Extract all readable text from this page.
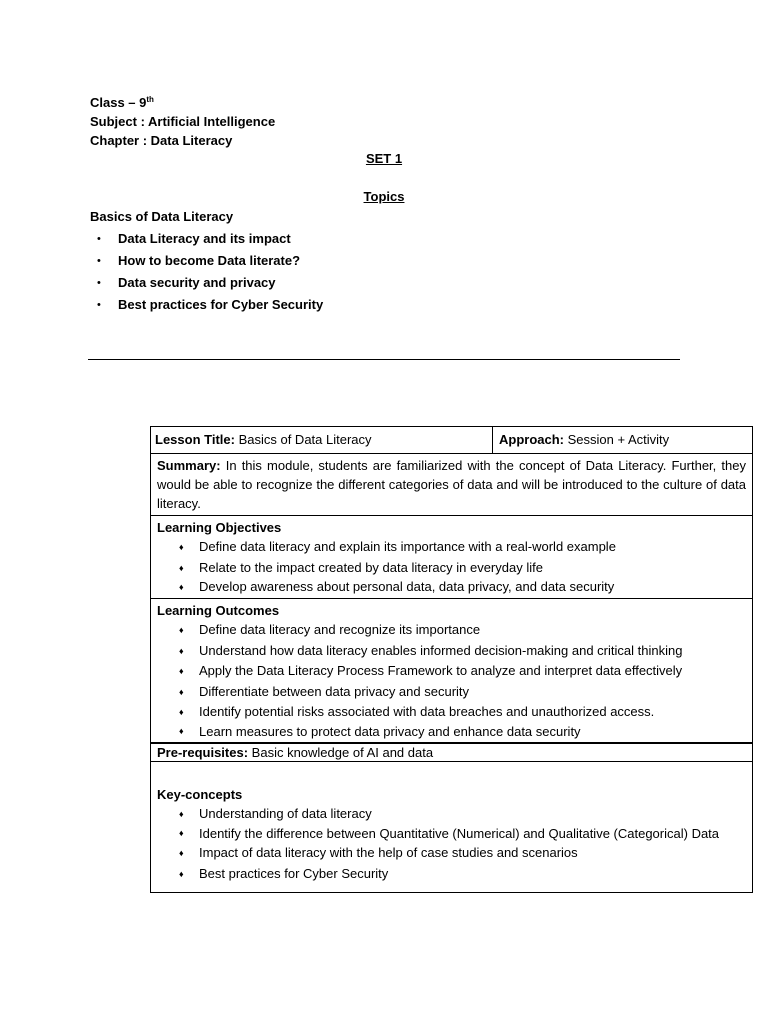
Class – 9th
Subject : Artificial Intelligence
Chapter : Data Literacy
SET 1
Topics
Basics of Data Literacy
• Data Literacy and its impact
• How to become Data literate?
• Data security and privacy
• Best practices for Cyber Security
Lesson Title: Basics of Data Literacy	Approach: Session + Activity
Summary: In this module, students are familiarized with the concept of Data Literacy. Further, they would be able to recognize the different categories of data and will be introduced to the culture of data literacy.
Learning Objectives
♦ Define data literacy and explain its importance with a real-world example
♦ Relate to the impact created by data literacy in everyday life
♦ Develop awareness about personal data, data privacy, and data security
Learning Outcomes
♦ Define data literacy and recognize its importance
♦ Understand how data literacy enables informed decision-making and critical thinking
♦ Apply the Data Literacy Process Framework to analyze and interpret data effectively
♦ Differentiate between data privacy and security
♦ Identify potential risks associated with data breaches and unauthorized access.
♦ Learn measures to protect data privacy and enhance data security
Pre-requisites: Basic knowledge of AI and data
Key-concepts
♦ Understanding of data literacy
♦ Identify the difference between Quantitative (Numerical) and Qualitative (Categorical) Data
♦ Impact of data literacy with the help of case studies and scenarios
♦ Best practices for Cyber Security
